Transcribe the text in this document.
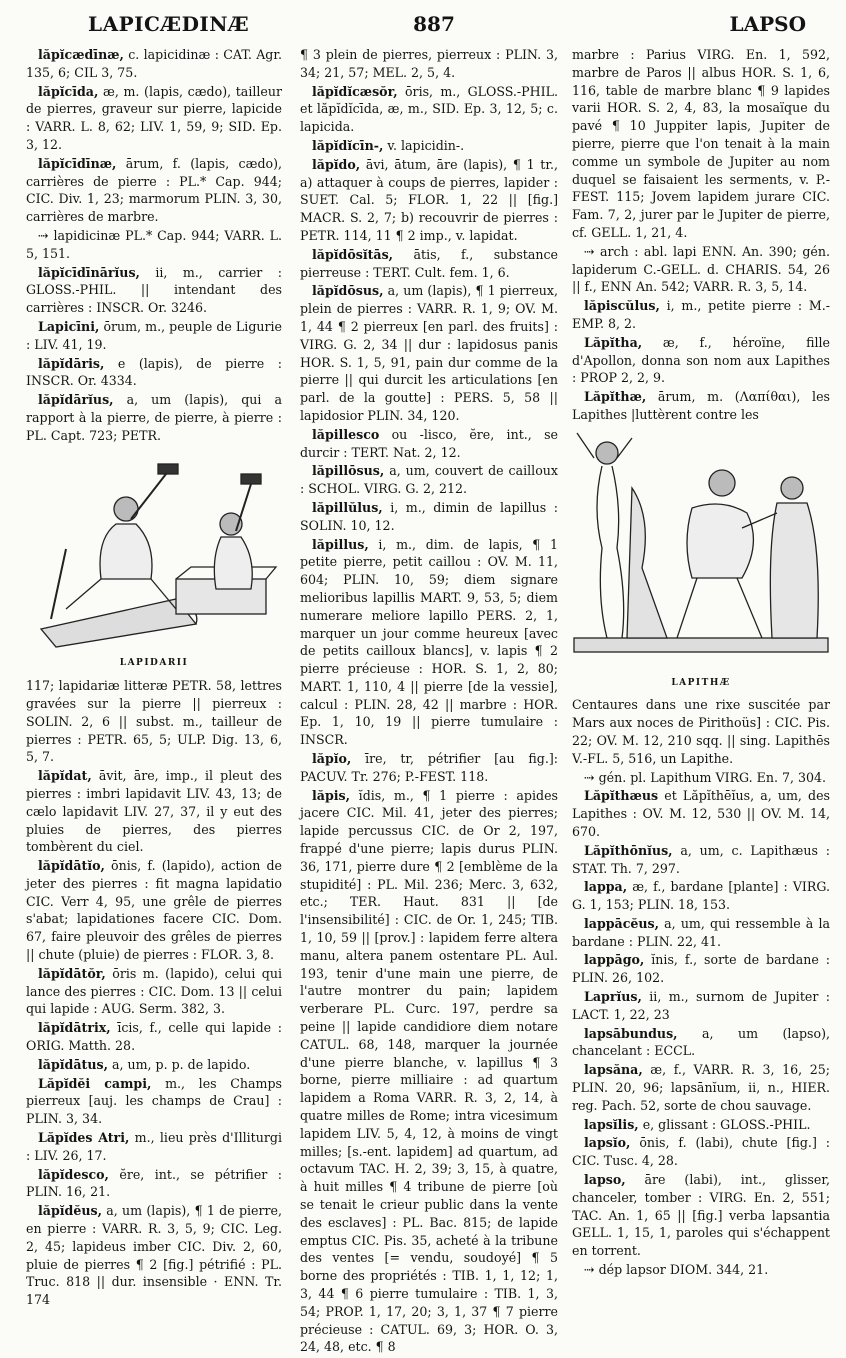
LAPICÆDINÆ	887	LAPSO

lăpĭcædīnæ, c. lapicidinæ : CAT. Agr. 135, 6; CIL 3, 75.

lăpĭcīda, æ, m. (lapis, cædo), tailleur de pierres, graveur sur pierre, lapicide : VARR. L. 8, 62; LIV. 1, 59, 9; SID. Ep. 3, 12.

lăpĭcīdīnæ, ārum, f. (lapis, cædo), carrières de pierre : PL.* Cap. 944; CIC. Div. 1, 23; marmorum PLIN. 3, 30, carrières de marbre.

⇢ lapidicinæ PL.* Cap. 944; VARR. L. 5, 151.

lăpĭcīdīnārĭus, ii, m., carrier : GLOSS.-PHIL. || intendant des carrières : INSCR. Or. 3246.

Lapicīni, ōrum, m., peuple de Ligurie : LIV. 41, 19.

lăpĭdāris, e (lapis), de pierre : INSCR. Or. 4334.

lăpĭdārĭus, a, um (lapis), qui a rapport à la pierre, de pierre, à pierre : PL. Capt. 723; PETR.

LAPIDARII

117; lapidariæ litteræ PETR. 58, lettres gravées sur la pierre || pierreux : SOLIN. 2, 6 || subst. m., tailleur de pierres : PETR. 65, 5; ULP. Dig. 13, 6, 5, 7.

lăpĭdat, āvit, āre, imp., il pleut des pierres : imbri lapidavit LIV. 43, 13; de cælo lapidavit LIV. 27, 37, il y eut des pluies de pierres, des pierres tombèrent du ciel.

lăpĭdātĭo, ōnis, f. (lapido), action de jeter des pierres : fit magna lapidatio CIC. Verr 4, 95, une grêle de pierres s'abat; lapidationes facere CIC. Dom. 67, faire pleuvoir des grêles de pierres || chute (pluie) de pierres : FLOR. 3, 8.

lăpĭdātŏr, ōris m. (lapido), celui qui lance des pierres : CIC. Dom. 13 || celui qui lapide : AUG. Serm. 382, 3.

lăpĭdātrix, īcis, f., celle qui lapide : ORIG. Matth. 28.

lăpĭdātus, a, um, p. p. de lapido.

Lăpĭdĕi campi, m., les Champs pierreux [auj. les champs de Crau] : PLIN. 3, 34.

Lăpĭdes Atri, m., lieu près d'Illiturgi : LIV. 26, 17.

lăpĭdesco, ĕre, int., se pétrifier : PLIN. 16, 21.

lăpĭdĕus, a, um (lapis), ¶ 1 de pierre, en pierre : VARR. R. 3, 5, 9; CIC. Leg. 2, 45; lapideus imber CIC. Div. 2, 60, pluie de pierres ¶ 2 [fig.] pétrifié : PL. Truc. 818 || dur. insensible · ENN. Tr. 174

¶ 3 plein de pierres, pierreux : PLIN. 3, 34; 21, 57; MEL. 2, 5, 4.

lăpĭdĭcæsŏr, ōris, m., GLOSS.-PHIL. et lăpĭdĭcīda, æ, m., SID. Ep. 3, 12, 5; c. lapicida.

lăpĭdĭcīn-, v. lapicidin-.

lăpĭdo, āvi, ātum, āre (lapis), ¶ 1 tr., a) attaquer à coups de pierres, lapider : SUET. Cal. 5; FLOR. 1, 22 || [fig.] MACR. S. 2, 7; b) recouvrir de pierres : PETR. 114, 11 ¶ 2 imp., v. lapidat.

lăpĭdōsĭtās, ātis, f., substance pierreuse : TERT. Cult. fem. 1, 6.

lăpĭdōsus, a, um (lapis), ¶ 1 pierreux, plein de pierres : VARR. R. 1, 9; OV. M. 1, 44 ¶ 2 pierreux [en parl. des fruits] : VIRG. G. 2, 34 || dur : lapidosus panis HOR. S. 1, 5, 91, pain dur comme de la pierre || qui durcit les articulations [en parl. de la goutte] : PERS. 5, 58 || lapidosior PLIN. 34, 120.

lăpillesco ou -lisco, ĕre, int., se durcir : TERT. Nat. 2, 12.

lăpillōsus, a, um, couvert de cailloux : SCHOL. VIRG. G. 2, 212.

lăpillŭlus, i, m., dimin de lapillus : SOLIN. 10, 12.

lăpillus, i, m., dim. de lapis, ¶ 1 petite pierre, petit caillou : OV. M. 11, 604; PLIN. 10, 59; diem signare melioribus lapillis MART. 9, 53, 5; diem numerare meliore lapillo PERS. 2, 1, marquer un jour comme heureux [avec de petits cailloux blancs], v. lapis ¶ 2 pierre précieuse : HOR. S. 1, 2, 80; MART. 1, 110, 4 || pierre [de la vessie], calcul : PLIN. 28, 42 || marbre : HOR. Ep. 1, 10, 19 || pierre tumulaire : INSCR.

lăpĭo, īre, tr, pétrifier [au fig.]: PACUV. Tr. 276; P.-FEST. 118.

lăpis, ĭdis, m., ¶ 1 pierre : apides jacere CIC. Mil. 41, jeter des pierres; lapide percussus CIC. de Or 2, 197, frappé d'une pierre; lapis durus PLIN. 36, 171, pierre dure ¶ 2 [emblème de la stupidité] : PL. Mil. 236; Merc. 3, 632, etc.; TER. Haut. 831 || [de l'insensibilité] : CIC. de Or. 1, 245; TIB. 1, 10, 59 || [prov.] : lapidem ferre altera manu, altera panem ostentare PL. Aul. 193, tenir d'une main une pierre, de l'autre montrer du pain; lapidem verberare PL. Curc. 197, perdre sa peine || lapide candidiore diem notare CATUL. 68, 148, marquer la journée d'une pierre blanche, v. lapillus ¶ 3 borne, pierre milliaire : ad quartum lapidem a Roma VARR. R. 3, 2, 14, à quatre milles de Rome; intra vicesimum lapidem LIV. 5, 4, 12, à moins de vingt milles; [s.-ent. lapidem] ad quartum, ad octavum TAC. H. 2, 39; 3, 15, à quatre, à huit milles ¶ 4 tribune de pierre [où se tenait le crieur public dans la vente des esclaves] : PL. Bac. 815; de lapide emptus CIC. Pis. 35, acheté à la tribune des ventes [= vendu, soudoyé] ¶ 5 borne des propriétés : TIB. 1, 1, 12; 1, 3, 44 ¶ 6 pierre tumulaire : TIB. 1, 3, 54; PROP. 1, 17, 20; 3, 1, 37 ¶ 7 pierre précieuse : CATUL. 69, 3; HOR. O. 3, 24, 48, etc. ¶ 8

marbre : Parius VIRG. En. 1, 592, marbre de Paros || albus HOR. S. 1, 6, 116, table de marbre blanc ¶ 9 lapides varii HOR. S. 2, 4, 83, la mosaïque du pavé ¶ 10 Juppiter lapis, Jupiter de pierre, pierre que l'on tenait à la main comme un symbole de Jupiter au nom duquel se faisaient les serments, v. P.-FEST. 115; Jovem lapidem jurare CIC. Fam. 7, 2, jurer par le Jupiter de pierre, cf. GELL. 1, 21, 4.

⇢ arch : abl. lapi ENN. An. 390; gén. lapiderum C.-GELL. d. CHARIS. 54, 26 || f., ENN An. 542; VARR. R. 3, 5, 14.

lăpiscŭlus, i, m., petite pierre : M.-EMP. 8, 2.

Lăpĭtha, æ, f., héroïne, fille d'Apollon, donna son nom aux Lapithes : PROP 2, 2, 9.

Lăpĭthæ, ārum, m. (Λαπίθαι), les Lapithes |luttèrent contre les

LAPITHÆ

Centaures dans une rixe suscitée par Mars aux noces de Pirithoüs] : CIC. Pis. 22; OV. M. 12, 210 sqq. || sing. Lapithēs V.-FL. 5, 516, un Lapithe.

⇢ gén. pl. Lapithum VIRG. En. 7, 304.

Lăpĭthæus et Lăpĭthēĭus, a, um, des Lapithes : OV. M. 12, 530 || OV. M. 14, 670.

Lăpĭthōnĭus, a, um, c. Lapithæus : STAT. Th. 7, 297.

lappa, æ, f., bardane [plante] : VIRG. G. 1, 153; PLIN. 18, 153.

lappācĕus, a, um, qui ressemble à la bardane : PLIN. 22, 41.

lappāgo, ĭnis, f., sorte de bardane : PLIN. 26, 102.

Laprĭus, ii, m., surnom de Jupiter : LACT. 1, 22, 23

lapsābundus, a, um (lapso), chancelant : ECCL.

lapsăna, æ, f., VARR. R. 3, 16, 25; PLIN. 20, 96; lapsānĭum, ii, n., HIER. reg. Pach. 52, sorte de chou sauvage.

lapsĭlis, e, glissant : GLOSS.-PHIL.

lapsĭo, ōnis, f. (labi), chute [fig.] : CIC. Tusc. 4, 28.

lapso, āre (labi), int., glisser, chanceler, tomber : VIRG. En. 2, 551; TAC. An. 1, 65 || [fig.] verba lapsantia GELL. 1, 15, 1, paroles qui s'échappent en torrent.

⇢ dép lapsor DIOM. 344, 21.
